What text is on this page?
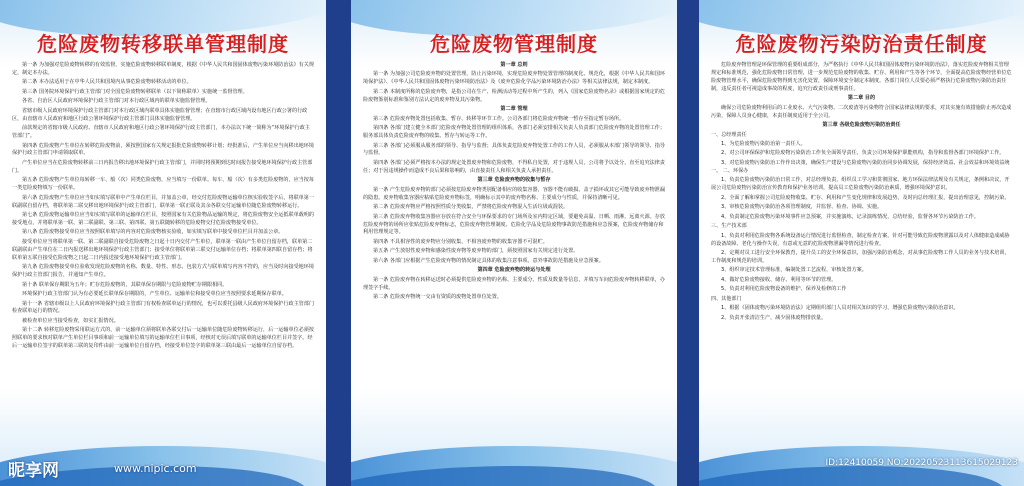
危险废物转移联单管理制度

第一条 为加强对危险废物转移的有效监督，实施危险废物转移联单制度，根据《中华人民共和国固体废物污染环境防治法》有关规定，制定本办法。

第二条 本办法适用于在中华人民共和国境内从事危险废物转移活动的单位。

第三条 国务院环境保护行政主管部门对全国危险废物转移联单（以下简称联单）实施统一监督管理。

各省、自治区人民政府环境保护行政主管部门对本行政区域内的联单实施监督管理。

省辖市级人民政府环境保护行政主管部门对本行政区域内联单具体实施监督管理；在直辖市行政区域内设有地区行政公署的行政区，由直辖市人民政府和地区行政公署环境保护行政主管部门具体实施监督管理。

前款规定的省辖市级人民政府、直辖市人民政府和地区行政公署环境保护行政主管部门，本办法以下统一简称为“环境保护行政主管部门”。

第四条 危险废物产生单位在转移危险废物前，须按照国家有关规定报批危险废物转移计划；经批准后，产生单位应当向移出地环境保护行政主管部门申请领取联单。

产生单位应当在危险废物转移前三日内报告移出地环境保护行政主管部门，并同时将预期到达时间报告接受地环境保护行政主管部门。

第五条 危险废物产生单位每转移一车、船（次）同类危险废物，应当填写一份联单。每车、船（次）有多类危险废物的，应当按每一类危险废物填写一份联单。

第六条 危险废物产生单位应当如实填写联单中产生单位栏目，并加盖公章，经交付危险废物运输单位核实验收签字后，将联单第一联副联自留存档，将联单第二联交移出地环境保护行政主管部门，联单第一联正联及其余各联交付运输单位随危险废物转移运行。

第七条 危险废物运输单位应当如实填写联单的运输单位栏目，按照国家有关危险物品运输的规定，将危险废物安全运抵联单载明的接受地点，并将联单第一联、第二联副联、第三联、第四联、第五联随转移的危险废物交付危险废物接受单位。

第八条 危险废物接受单位应当按照联单填写的内容对危险废物核实验收，如实填写联单中接受单位栏目并加盖公章。

接受单位应当将联单第一联、第二联副联自接受危险废物之日起十日内交付产生单位，联单第一联由产生单位自留存档，联单第二联副联由产生单位在二日内报送移出地环境保护行政主管部门；接受单位将联单第三联交付运输单位存档；将联单第四联自留存档；将联单第五联自接受危险废物之日起二日内报送接受地环境保护行政主管部门。

第九条 危险废物接受单位验收发现危险废物的名称、数量、特性、形态、包装方式与联单填写内容不符的，应当及时向接受地环境保护行政主管部门报告，并通知产生单位。

第十条 联单保存期限为五年；贮存危险废物的，其联单保存期限与危险废物贮存期限相同。

环境保护行政主管部门认为有必要延长联单保存期限的，产生单位、运输单位和接受单位应当按照要求延期保存联单。

第十一条 省辖市级以上人民政府环境保护行政主管部门有权检查联单运行的情况，也可以委托县级人民政府环境保护行政主管部门检查联单运行的情况。

被检查单位应当接受检查，如实汇报情况。

第十二条 转移危险废物采用联运方式的，前一运输单位须将联单各联交付后一运输单位随危险废物转移运行，后一运输单位必须按照联单的要求核对联单产生单位栏目事项和前一运输单位填写的运输单位栏目事项，经核对无误后填写联单的运输单位栏目并签字。经后一运输单位签字的联单第三联的复印件由前一运输单位自留存档，经接受单位签字的联单第三联由最后一运输单位自留存档。

危险废物管理制度

第一章 总则

第一条 为加强公司危险废弃物的处置管理，防止污染环境，实现危险废弃物处置管理的制度化、规范化，根据《中华人民共和国环境保护法》、《中华人民共和国固体废物污染环境防治法》及《废弃危险化学品污染环境防治办法》等相关法律法规，制定本制度。

第二条 本制度所称的危险废弃物，是指公司在生产、检测活动等过程中所产生的，列入《国家危险废物名录》或根据国家规定的危险废物鉴别标准和鉴别方法认定的废弃物及其污染物。

第二章 管理

第三条 危险废弃物处置包括收集、暂存、转移等环节工作。公司各部门将危险废弃物统一暂存至指定暂存场所。

第四条 各部门建立健全本部门危险废弃物处置管理的组织体系，各部门必须安排相关负责人负责部门危险废弃物的处置管理工作；服务部具体负责危险废弃物的收集、暂存与转运等工作。

第三条 各部门必须服从服务部的领导、指导与监督；具体负责危险废弃物处置工作的工作人员，必须服从本部门领导的领导、指导与监督。

第四条 各部门必须严格按本办法的规定处置废弃物和危险废物，不得私自处置，对于违规人员，公司将予以处分，直至追究法律责任；对于因违规操作而造成不良后果和影响的，由直接责任人和相关负责人承担责任。

第三章 危险废弃物的收集与暂存

第一条 产生危险废弃物的部门必须按危险废弃物类别配备相应的收集容器，容器不能有破损、盖子损坏或其它可能导致废弃物泄漏的隐患。废弃物收集容器应粘贴危险废弃物标签，明确标示其中的废弃物名称、主要成分与性质，并保持清晰可见。

第二条 危险废弃物应严格按照性质分类收集，严禁将危险废弃物混入生活垃圾或混装。

第三条 危险废弃物收集容器应存放在符合安全与环保要求的专门场所及室内特定区域，要避免高温、日晒、雨淋，远离火源。存放危险废弃物的场所应张贴危险废弃物标志，危险废弃物管理制度、危险化学品及危险废物事故防范措施和应急预案，危险废弃物储存和利用管理规定等。

第四条 不具相容性的废弃物应分别收集，不相容废弃物的收集容器不可混贮。

第五条 产生放射性废弃物和感染性废弃物等废弃物的部门，须按照国家有关规定进行处置。

第六条 各部门应根据产生危险废弃物的情况制定具体的收集注意事项、意外事故防范措施及应急预案。

第四章 危险废弃物的转运与处理

第一条 危险废弃物在转移运送时必须提供危险废弃物的名称、主要成分、性质及数量等信息，并填写车间危险废弃物转移联单，办理签字手续。

第二条 危险废弃物统一交由有资质的废物处置单位处置。

危险废物污染防治责任制度

危险废弃物管理是环保管理的重要组成部分，为严格执行《中华人民共和国固体废物污染环境防治法》，落实危险废弃物相关管理规定和标准规范，强化危险废物日常管理，进一步规范危险废物的收集、贮存、利用和产生等各个环节，全面提高危险废物经营单位危险废物管理水平，确保危险废物得到无害化处置，保障环境安全制定本制度。各部门岗位人员要必须严格执行危险废物污染防治责任制，违反责任者可视造成事故的程度，追究行政责任或刑事责任。

第二章 目的

确保公司危险废物利用后的工业废水、大气污染物、二次废渣等污染物符合国家法律法规的要求，对其实施有效措施防止再次造成污染，保障人员身心健康，本责任制度适用于全公司。

第三章 各级危险废物污染防治责任

一、总经理责任

1、为危险废物污染防治第一责任人。

2、对公司环保保护和危险废物污染防治工作负全面领导责任，负责公司环境保护职能机构，指导和监督各部门环境保护工作。

3、对危险废物污染防治工作作出决策，确保生产建设与危险废物污染防治同步协调发展，保持经济效益、社会效益和环境效益统一。 二、环保办

1、负责危险废物污染防治日常工作，对总经理负责，组织员工学习和贯彻国家、地方环保法律法规及有关规定，条例和决议，开展公司危险废物污染防治宣传教育和保护业务培训，提高员工危险废物污染防治素质，增强环境保护意识。

2、全面了解和掌握公司危险废物收集、贮存、利用和产生变化规律和发展趋势，及时向总经理汇报，提出治理意见，控制污染。

3、审核危险废物污染防治各项管理制度，并监督、检查、协调、实施。

4、负责制定危险废物污染环境事件应急预案，并实施演练，记录演练情况，总结经验，监督各环节污染防治工作。

三、生产技术部

1、负责对利用危险废物各系统设备运行情况进行监督检查，制定检查方案，针对可能导致危险废物泄露以及对人体健康造成威胁的设备故障、老化与操作失误，有意或无意的危险废物泄漏等情况进行检查。

2、定期对员工进行安全环保教育，提升员工的安全环保意识，加强污染防治观念，对从事危险废物工作人员的业务与技术培训，工作制度和规范的培训。

3、组织审定技术管理标准，编制处置工艺流程，审核处置方案。

4、做好危险废物接收、储存、利用等环节的管理。

5、负责对利用危险废物设备的维护、保养及检修的工作

四、其他部门

1、根据《固体废物污染环境防治法》定期组织部门人员对相关知识的学习，增强危险废物污染防治意识。

2、负责开张清洁生产，减少固体废物排放量。

昵享网	www.nipic.com	ID:12410059 NO:20220523113615029123
